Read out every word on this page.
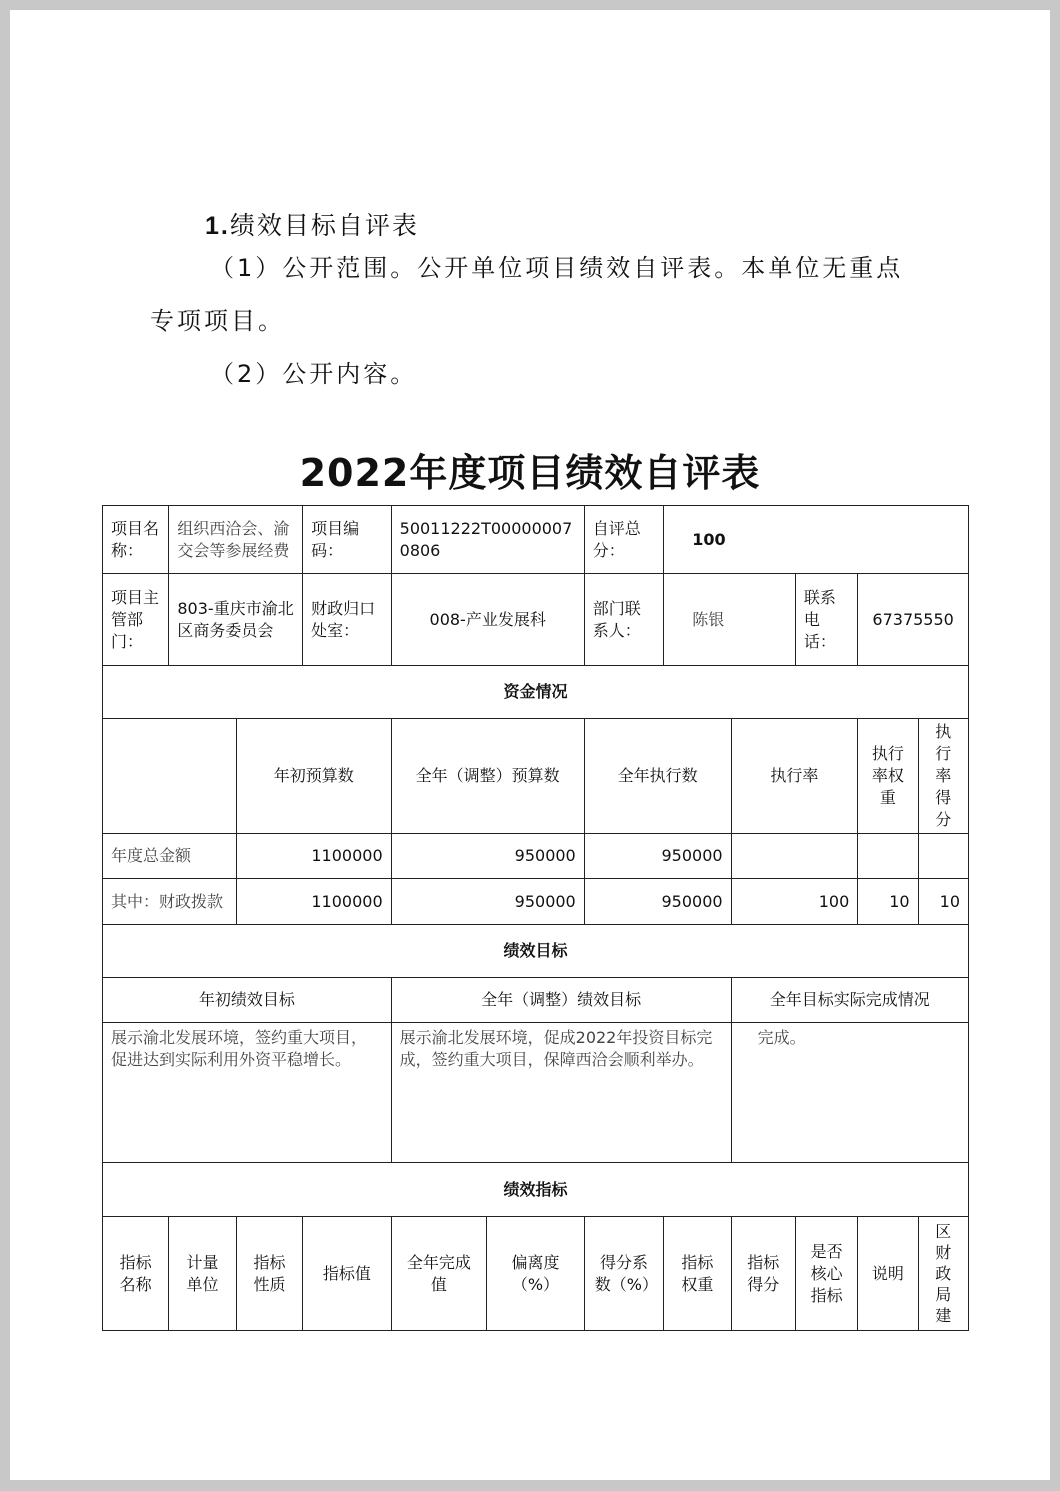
1.绩效目标自评表
（1）公开范围。公开单位项目绩效自评表。本单位无重点
专项项目。
（2）公开内容。
2022年度项目绩效自评表
项目名称：	组织西洽会、渝交会等参展经费		项目编码：	50011222T000000070806		自评总分：	100				
项目主管部门：	803-重庆市渝北区商务委员会		财政归口处室：	008-产业发展科		部门联系人：	陈银		联系电话：	67375550	
资金情况											
		年初预算数		全年（调整）预算数		全年执行数		执行率		执行率权重	执行率得分
年度总金额		1100000		950000		950000					
其中：财政拨款		1100000		950000		950000		100		10	10
绩效目标											
年初绩效目标				全年（调整）绩效目标				全年目标实际完成情况			
展示渝北发展环境，签约重大项目，促进达到实际利用外资平稳增长。				展示渝北发展环境，促成2022年投资目标完成，签约重大项目，保障西洽会顺利举办。				完成。			
绩效指标											
指标名称	计量单位	指标性质	指标值	全年完成值	偏离度（%）	得分系数（%）	指标权重	指标得分	是否核心指标	说明	区财政局建
